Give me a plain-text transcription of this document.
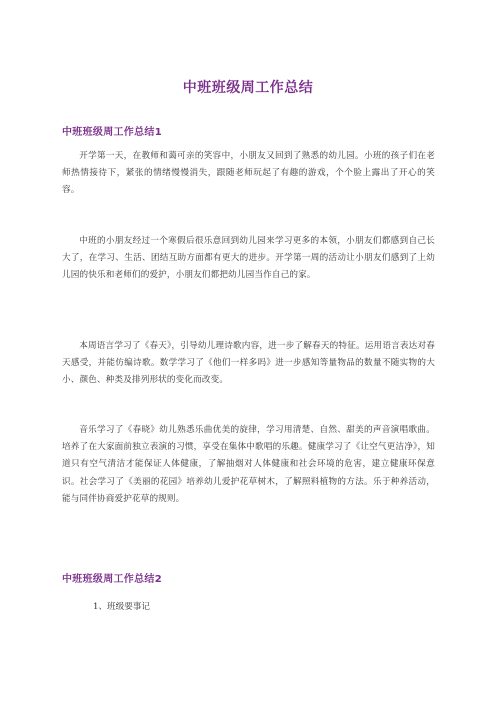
中班班级周工作总结
中班班级周工作总结1

开学第一天，在教师和蔼可亲的笑容中，小朋友又回到了熟悉的幼儿园。小班的孩子们在老师热情接待下，紧张的情绪慢慢消失，跟随老师玩起了有趣的游戏，个个脸上露出了开心的笑容。

中班的小朋友经过一个寒假后很乐意回到幼儿园来学习更多的本领，小朋友们都感到自己长大了，在学习、生活、团结互助方面都有更大的进步。开学第一周的活动让小朋友们感到了上幼儿园的快乐和老师们的爱护，小朋友们都把幼儿园当作自己的家。

本周语言学习了《春天》，引导幼儿理诗歌内容，进一步了解春天的特征。运用语言表达对春天感受，并能仿编诗歌。数学学习了《他们一样多吗》进一步感知等量物品的数量不随实物的大小、颜色、种类及排列形状的变化而改变。

音乐学习了《春晓》幼儿熟悉乐曲优美的旋律，学习用清楚、自然、甜美的声音演唱歌曲。培养了在大家面前独立表演的习惯，享受在集体中歌唱的乐趣。健康学习了《让空气更洁净》，知道只有空气清洁才能保证人体健康，了解抽烟对人体健康和社会环境的危害，建立健康环保意识。社会学习了《美丽的花园》培养幼儿爱护花草树木，了解照料植物的方法。乐于种养活动，能与同伴协商爱护花草的规则。

中班班级周工作总结2
1、班级要事记
